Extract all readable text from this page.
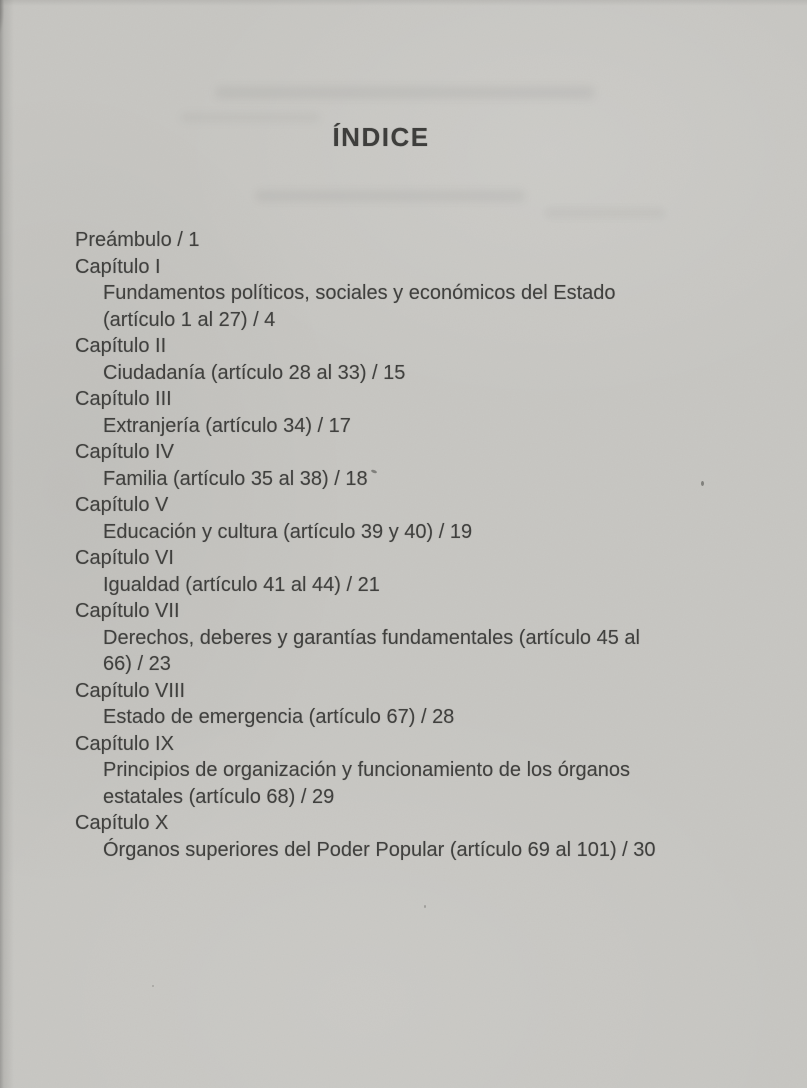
ÍNDICE
Preámbulo / 1
Capítulo I
Fundamentos políticos, sociales y económicos del Estado
(artículo 1 al 27) / 4
Capítulo II
Ciudadanía (artículo 28 al 33) / 15
Capítulo III
Extranjería (artículo 34) / 17
Capítulo IV
Familia (artículo 35 al 38) / 18
Capítulo V
Educación y cultura (artículo 39 y 40) / 19
Capítulo VI
Igualdad (artículo 41 al 44) / 21
Capítulo VII
Derechos, deberes y garantías fundamentales (artículo 45 al
66) / 23
Capítulo VIII
Estado de emergencia (artículo 67) / 28
Capítulo IX
Principios de organización y funcionamiento de los órganos
estatales (artículo 68) / 29
Capítulo X
Órganos superiores del Poder Popular (artículo 69 al 101) / 30
